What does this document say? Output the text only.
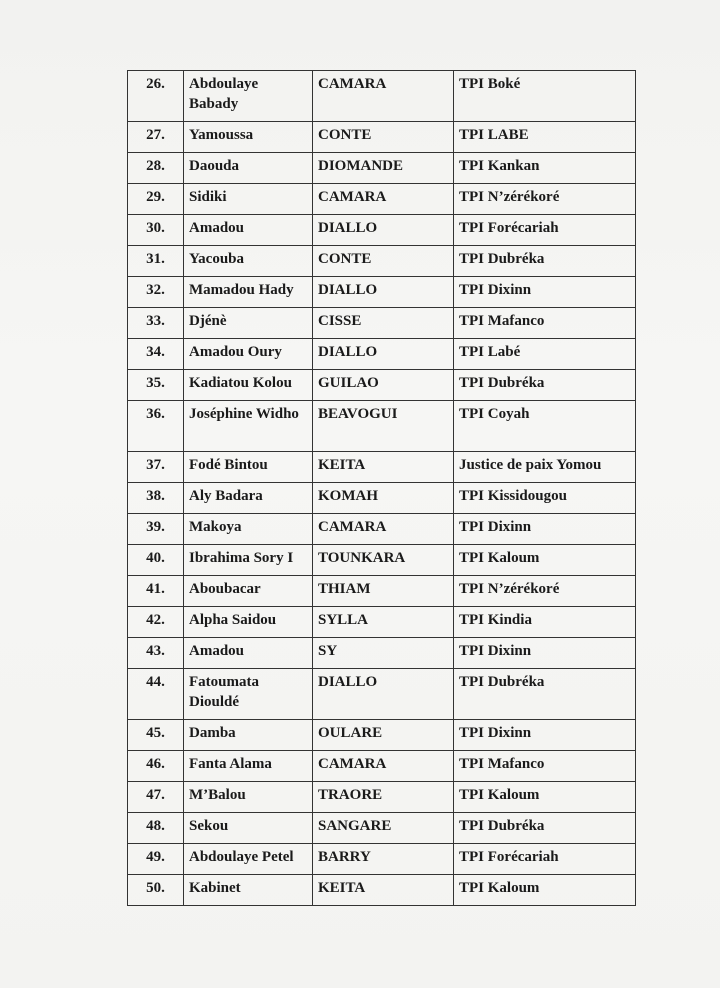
26.	Abdoulaye Babady	CAMARA	TPI Boké
27.	Yamoussa	CONTE	TPI LABE
28.	Daouda	DIOMANDE	TPI Kankan
29.	Sidiki	CAMARA	TPI N’zérékoré
30.	Amadou	DIALLO	TPI Forécariah
31.	Yacouba	CONTE	TPI Dubréka
32.	Mamadou Hady	DIALLO	TPI Dixinn
33.	Djénè	CISSE	TPI Mafanco
34.	Amadou Oury	DIALLO	TPI Labé
35.	Kadiatou Kolou	GUILAO	TPI Dubréka
36.	Joséphine Widho	BEAVOGUI	TPI Coyah
37.	Fodé Bintou	KEITA	Justice de paix Yomou
38.	Aly Badara	KOMAH	TPI Kissidougou
39.	Makoya	CAMARA	TPI Dixinn
40.	Ibrahima Sory I	TOUNKARA	TPI Kaloum
41.	Aboubacar	THIAM	TPI N’zérékoré
42.	Alpha Saidou	SYLLA	TPI Kindia
43.	Amadou	SY	TPI Dixinn
44.	Fatoumata Diouldé	DIALLO	TPI Dubréka
45.	Damba	OULARE	TPI Dixinn
46.	Fanta Alama	CAMARA	TPI Mafanco
47.	M’Balou	TRAORE	TPI Kaloum
48.	Sekou	SANGARE	TPI Dubréka
49.	Abdoulaye Petel	BARRY	TPI Forécariah
50.	Kabinet	KEITA	TPI Kaloum
